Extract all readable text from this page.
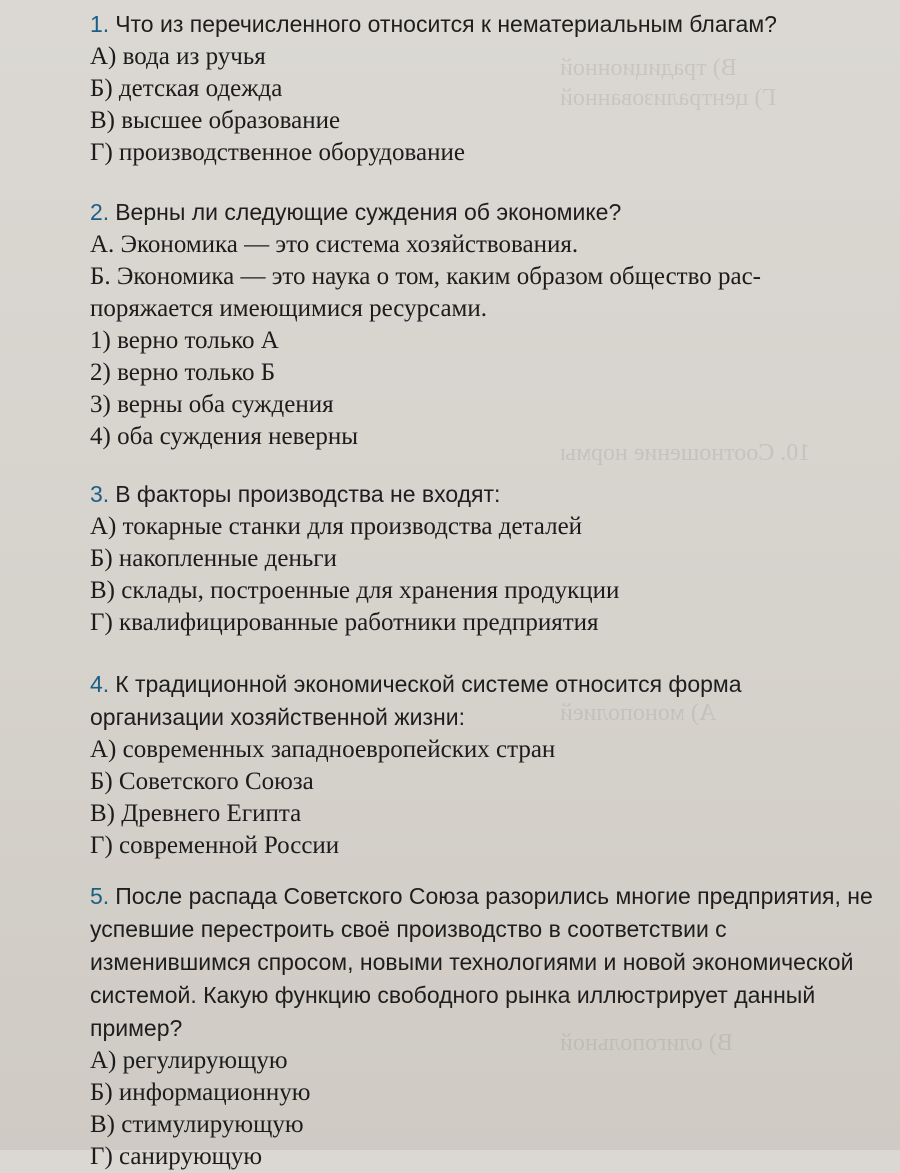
В) традиционной
Г) централизованной
10. Соотношение нормы
А) монополией
В) олигопольной

1. Что из перечисленного относится к нематериальным благам?

А) вода из ручья

Б) детская одежда

В) высшее образование

Г) производственное оборудование

2. Верны ли следующие суждения об экономике?

А. Экономика — это система хозяйствования.

Б. Экономика — это наука о том, каким образом общество рас-поряжается имеющимися ресурсами.

1) верно только А

2) верно только Б

3) верны оба суждения

4) оба суждения неверны

3. В факторы производства не входят:

А) токарные станки для производства деталей

Б) накопленные деньги

В) склады, построенные для хранения продукции

Г) квалифицированные работники предприятия

4. К традиционной экономической системе относится форма организации хозяйственной жизни:

А) современных западноевропейских стран

Б) Советского Союза

В) Древнего Египта

Г) современной России

5. После распада Советского Союза разорились многие предприятия, не успевшие перестроить своё производство в соответствии с изменившимся спросом, новыми технологиями и новой экономической системой. Какую функцию свободного рынка иллюстрирует данный пример?

А) регулирующую

Б) информационную

В) стимулирующую

Г) санирующую
